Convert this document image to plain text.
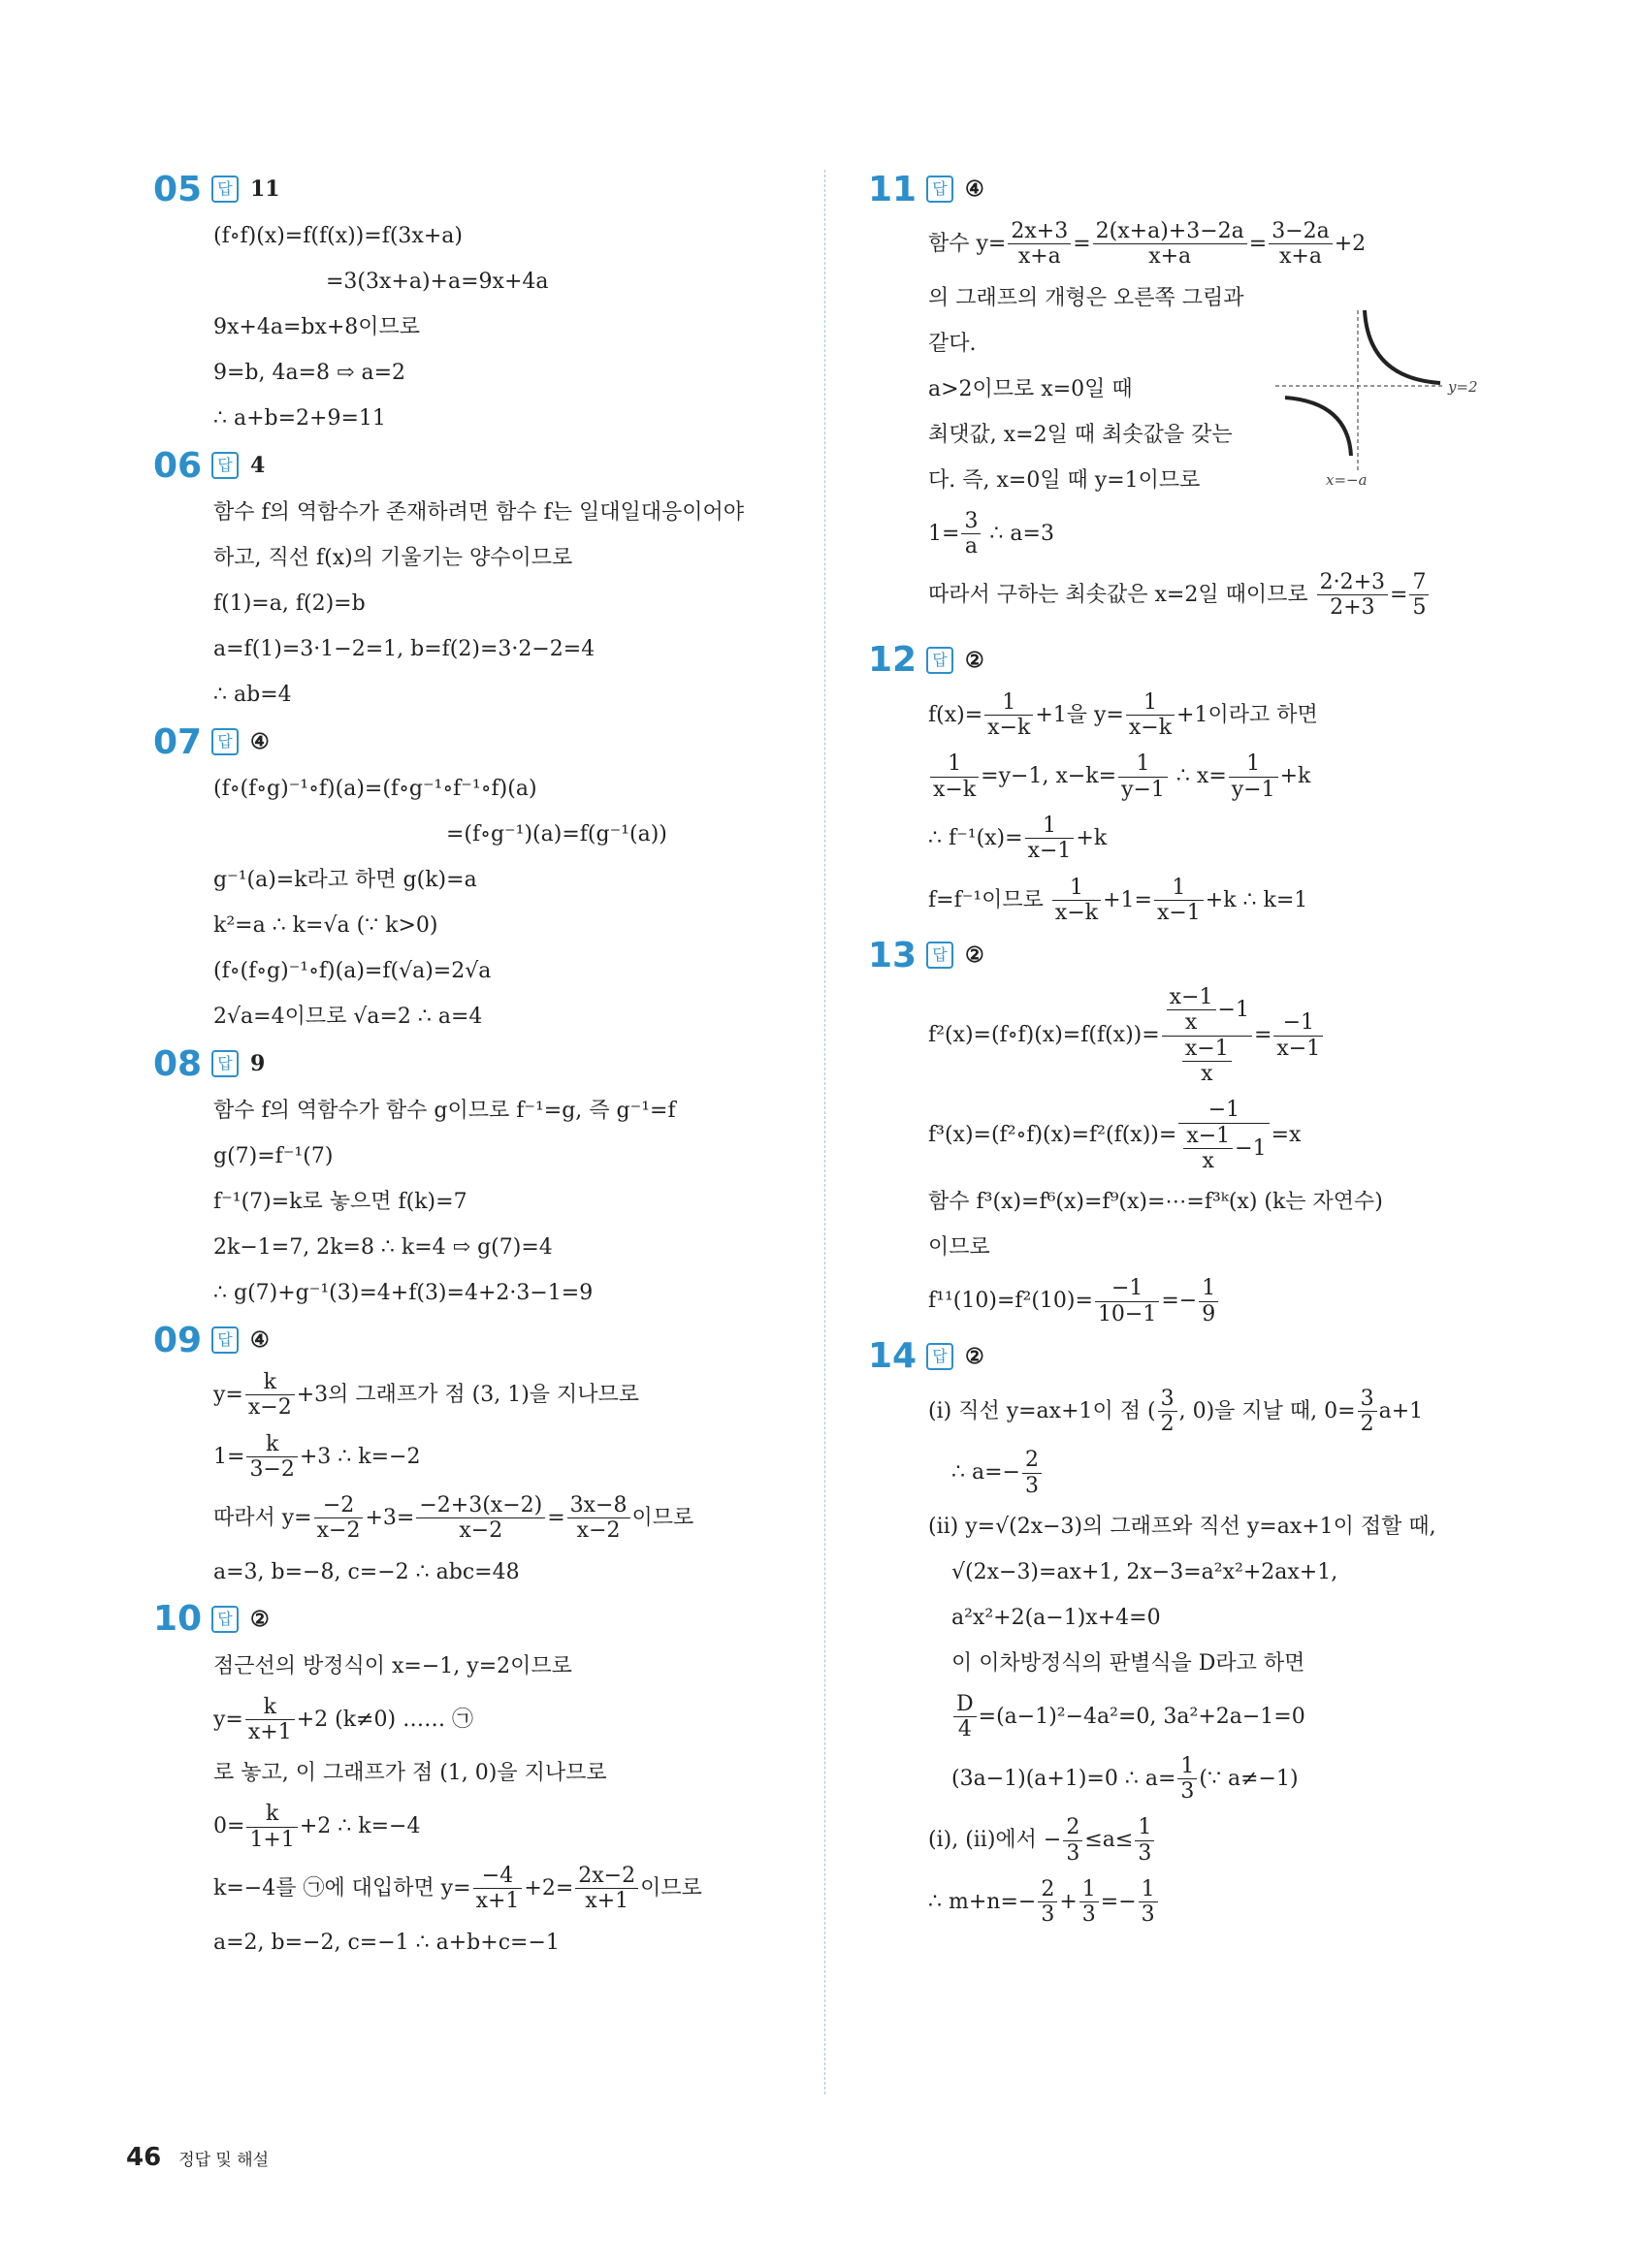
05	답 11
(f∘f)(x)=f(f(x))=f(3x+a)
=3(3x+a)+a=9x+4a
9x+4a=bx+8이므로
9=b, 4a=8 ⇨ a=2
∴ a+b=2+9=11
06	답 4
함수 f의 역함수가 존재하려면 함수 f는 일대일대응이어야
하고, 직선 f(x)의 기울기는 양수이므로
f(1)=a, f(2)=b
a=f(1)=3·1−2=1, b=f(2)=3·2−2=4
∴ ab=4
07	답 ④
(f∘(f∘g)⁻¹∘f)(a)=(f∘g⁻¹∘f⁻¹∘f)(a)
=(f∘g⁻¹)(a)=f(g⁻¹(a))
g⁻¹(a)=k라고 하면 g(k)=a
k²=a ∴ k=√a (∵ k>0)
(f∘(f∘g)⁻¹∘f)(a)=f(√a)=2√a
2√a=4이므로 √a=2 ∴ a=4
08	답 9
함수 f의 역함수가 함수 g이므로 f⁻¹=g, 즉 g⁻¹=f
g(7)=f⁻¹(7)
f⁻¹(7)=k로 놓으면 f(k)=7
2k−1=7, 2k=8 ∴ k=4 ⇨ g(7)=4
∴ g(7)+g⁻¹(3)=4+f(3)=4+2·3−1=9
09	답 ④
$y= \frac{k}{x-2} +3$의 그래프가 점 (3, 1)을 지나므로
$1= \frac{k}{3-2} +3$ ∴ k=−2
따라서 $y= \frac{-2}{x-2} +3= \frac{-2+3(x-2)}{x-2} = \frac{3x-8}{x-2}$ 이므로
a=3, b=−8, c=−2 ∴ abc=48
10	답 ②
점근선의 방정식이 x=−1, y=2이므로
$y= \frac{k}{x+1} +2$ (k≠0) …… ㉠
로 놓고, 이 그래프가 점 (1, 0)을 지나므로
$0= \frac{k}{1+1} +2$ ∴ k=−4
k=−4를 ㉠에 대입하면 $y= \frac{-4}{x+1} +2= \frac{2x-2}{x+1}$ 이므로
a=2, b=−2, c=−1 ∴ a+b+c=−1
11	답 ④
함수 $y= \frac{2x+3}{x+a} = \frac{2(x+a)+3-2a}{x+a} = \frac{3-2a}{x+a} +2$
의 그래프의 개형은 오른쪽 그림과
같다.
a>2이므로 x=0일 때
최댓값, x=2일 때 최솟값을 갖는
다. 즉, x=0일 때 y=1이므로
$1= \frac{3}{a}$ ∴ a=3
따라서 구하는 최솟값은 x=2일 때이므로 $\frac{2\cdot 2+3}{2+3} = \frac{7}{5}$
y=2
x=−a
12	답 ②
$f(x)= \frac{1}{x-k} +1$을 $y= \frac{1}{x-k} +1$이라고 하면
$\frac{1}{x-k} =y-1$, $x-k= \frac{1}{y-1}$ ∴ $x= \frac{1}{y-1} +k$
∴ $f^{-1}(x)= \frac{1}{x-1} +k$
f=f⁻¹이므로 $\frac{1}{x-k} +1= \frac{1}{x-1} +k$ ∴ k=1
13	답 ②
f²(x)=(f∘f)(x)=f(f(x))= $\frac{\frac{x-1}{x} -1}{\frac{x-1}{x}} = \frac{-1}{x-1}$
f³(x)=(f²∘f)(x)=f²(f(x))= $\frac{-1}{\frac{x-1}{x} -1} =x$
함수 f³(x)=f⁶(x)=f⁹(x)=⋯=f³ᵏ(x) (k는 자연수)
이므로
$f^{11}(10)=f^2(10)= \frac{-1}{10-1} =- \frac{1}{9}$
14	답 ②
(i) 직선 y=ax+1이 점 ( $\frac{3}{2}$ , 0)을 지날 때, $0= \frac{3}{2} a+1$
∴ $a=- \frac{2}{3}$
(ii) y=√(2x−3)의 그래프와 직선 y=ax+1이 접할 때,
√(2x−3)=ax+1, 2x−3=a²x²+2ax+1,
a²x²+2(a−1)x+4=0
이 이차방정식의 판별식을 D라고 하면
$\frac{D}{4} =(a-1)^2-4a^2=0$, 3a²+2a−1=0
(3a−1)(a+1)=0 ∴ $a= \frac{1}{3}$ (∵ a≠−1)
(i), (ii)에서 − $\frac{2}{3} \le a\le \frac{1}{3}$
∴ $m+n=- \frac{2}{3} + \frac{1}{3} =- \frac{1}{3}$
46 정답 및 해설
